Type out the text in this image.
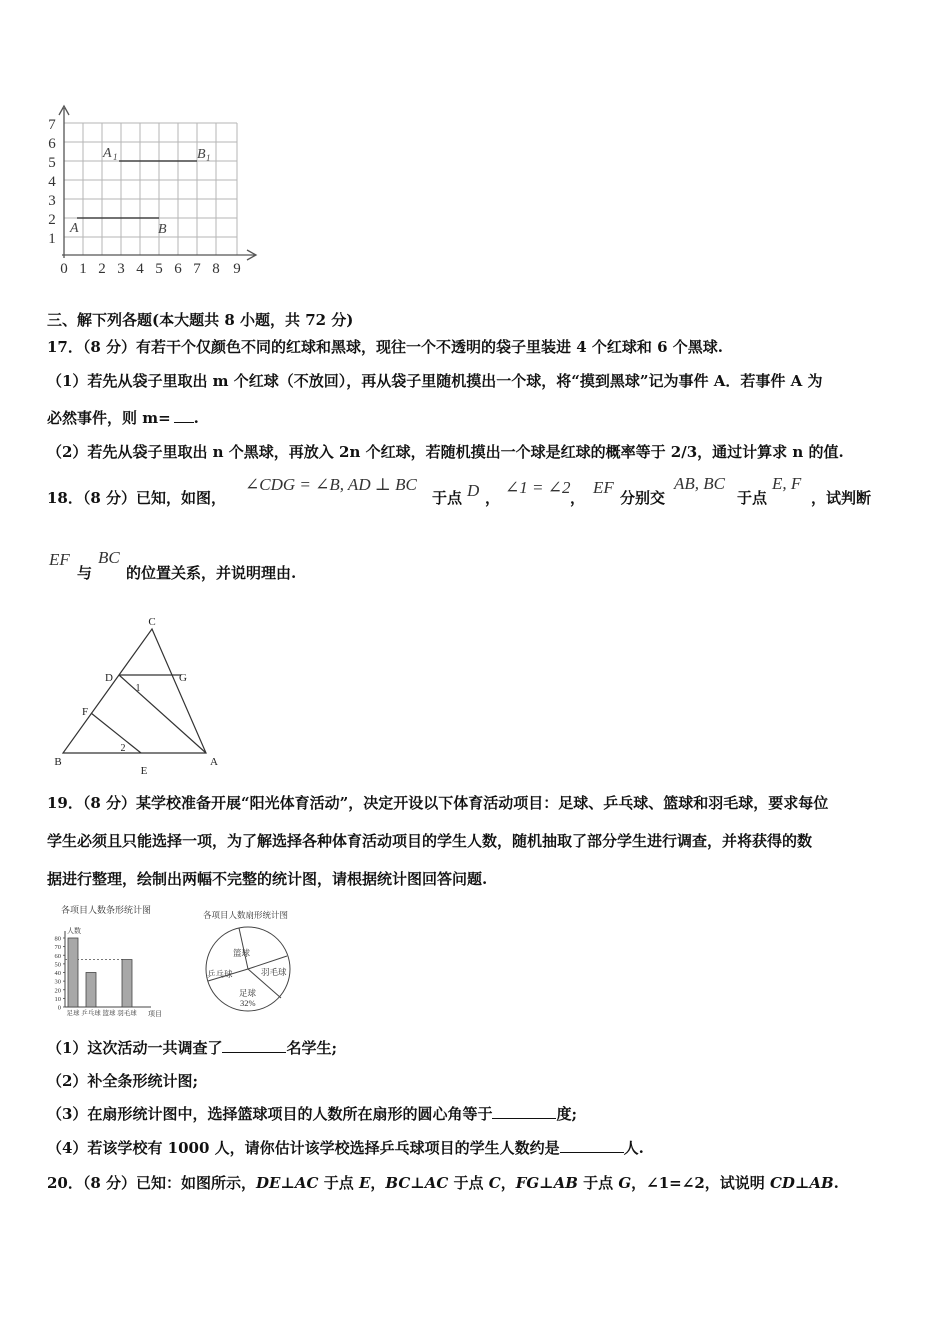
1
2
3
4
5
6
7
0 1 2 3 4 5 6 7 8 9
A 1	B 1
A	B
三、解下列各题(本大题共 8 小题，共 72 分)
17．（8 分）有若干个仅颜色不同的红球和黑球，现往一个不透明的袋子里装进 4 个红球和 6 个黑球.
（1）若先从袋子里取出 m 个红球（不放回），再从袋子里随机摸出一个球，将“摸到黑球”记为事件 A．若事件 A 为
必然事件，则 m= .
（2）若先从袋子里取出 n 个黑球，再放入 2n 个红球，若随机摸出一个球是红球的概率等于 2/3，通过计算求 n 的值.
18．（8 分）已知，如图，
∠CDG = ∠B, AD ⊥ BC
于点 D ，
∠1 = ∠2
，
EF
分别交
AB, BC
于点
E, F
，试判断
EF
与
BC
的位置关系，并说明理由.
C
D	G
F
B
E
A
1
2
19．（8 分）某学校准备开展“阳光体育活动”，决定开设以下体育活动项目：足球、乒乓球、篮球和羽毛球，要求每位
学生必须且只能选择一项，为了解选择各种体育活动项目的学生人数，随机抽取了部分学生进行调查，并将获得的数
据进行整理，绘制出两幅不完整的统计图，请根据统计图回答问题.
各项目人数条形统计图
人数
项目
0
10
20
30
40
50
60
70
80
足球 乒乓球 篮球 羽毛球
各项目人数扇形统计图
篮球
羽毛球
足球
32%
乒乓球
（1）这次活动一共调查了	名学生;
（2）补全条形统计图;
（3）在扇形统计图中，选择篮球项目的人数所在扇形的圆心角等于	度;
（4）若该学校有 1000 人，请你估计该学校选择乒乓球项目的学生人数约是	人.
20．（8 分）已知：如图所示，DE⊥AC 于点 E，BC⊥AC 于点 C，FG⊥AB 于点 G，∠1=∠2，试说明 CD⊥AB.
